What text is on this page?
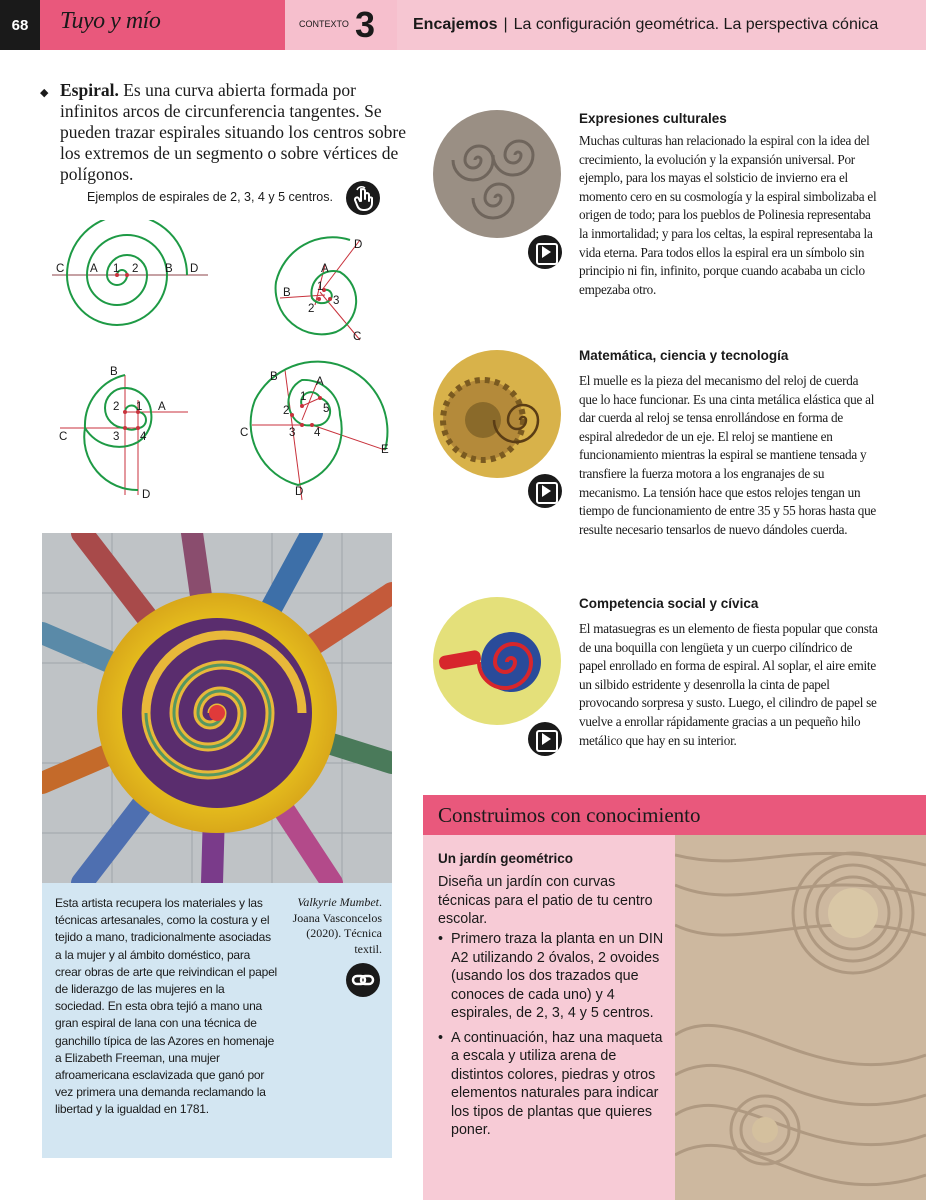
68	Tuyo y mío	CONTEXTO 3 Encajemos | La configuración geométrica. La perspectiva cónica
◆ Espiral. Es una curva abierta formada por infinitos arcos de circunferencia tangentes. Se pueden trazar espirales situando los centros sobre los extremos de un segmento o sobre vértices de polígonos.

Ejemplos de espirales de 2, 3, 4 y 5 centros.
C A 1 2 B D
D
A
1
B
2
3
C
B
2 1 A
C	3 4
D
B	A
1
2	5
C	3 4
E
D
Esta artista recupera los materiales y las técnicas artesanales, como la costura y el tejido a mano, tradicionalmente asociadas a la mujer y al ámbito doméstico, para crear obras de arte que reivindican el papel de liderazgo de las mujeres en la sociedad. En esta obra tejió a mano una gran espiral de lana con una técnica de ganchillo típica de las Azores en homenaje a Elizabeth Freeman, una mujer afroamericana esclavizada que ganó por vez primera una demanda reclamando la libertad y la igualdad en 1781.
Valkyrie Mumbet. Joana Vasconcelos (2020). Técnica textil.
Expresiones culturales
Muchas culturas han relacionado la espiral con la idea del crecimiento, la evolución y la expansión universal. Por ejemplo, para los mayas el solsticio de invierno era el momento cero en su cosmología y la espiral simbolizaba el origen de todo; para los pueblos de Polinesia representaba la inmortalidad; y para los celtas, la espiral representaba la vida eterna. Para todos ellos la espiral era un símbolo sin principio ni fin, infinito, porque cuando acababa un ciclo empezaba otro.
Matemática, ciencia y tecnología
El muelle es la pieza del mecanismo del reloj de cuerda que lo hace funcionar. Es una cinta metálica elástica que al dar cuerda al reloj se tensa enrollándose en forma de espiral alrededor de un eje. El reloj se mantiene en funcionamiento mientras la espiral se mantiene tensada y transfiere la fuerza motora a los engranajes de su mecanismo. La tensión hace que estos relojes tengan un tiempo de funcionamiento de entre 35 y 55 horas hasta que resulte necesario tensarlos de nuevo dándoles cuerda.
Competencia social y cívica
El matasuegras es un elemento de fiesta popular que consta de una boquilla con lengüeta y un cuerpo cilíndrico de papel enrollado en forma de espiral. Al soplar, el aire emite un silbido estridente y desenrolla la cinta de papel provocando sorpresa y susto. Luego, el cilindro de papel se vuelve a enrollar rápidamente gracias a un pequeño hilo metálico que hay en su interior.
Construimos con conocimiento
Un jardín geométrico
Diseña un jardín con curvas técnicas para el patio de tu centro escolar.
• Primero traza la planta en un DIN A2 utilizando 2 óvalos, 2 ovoides (usando los dos trazados que conoces de cada uno) y 4 espirales, de 2, 3, 4 y 5 centros.
• A continuación, haz una maqueta a escala y utiliza arena de distintos colores, piedras y otros elementos naturales para indicar los tipos de plantas que quieres poner.
